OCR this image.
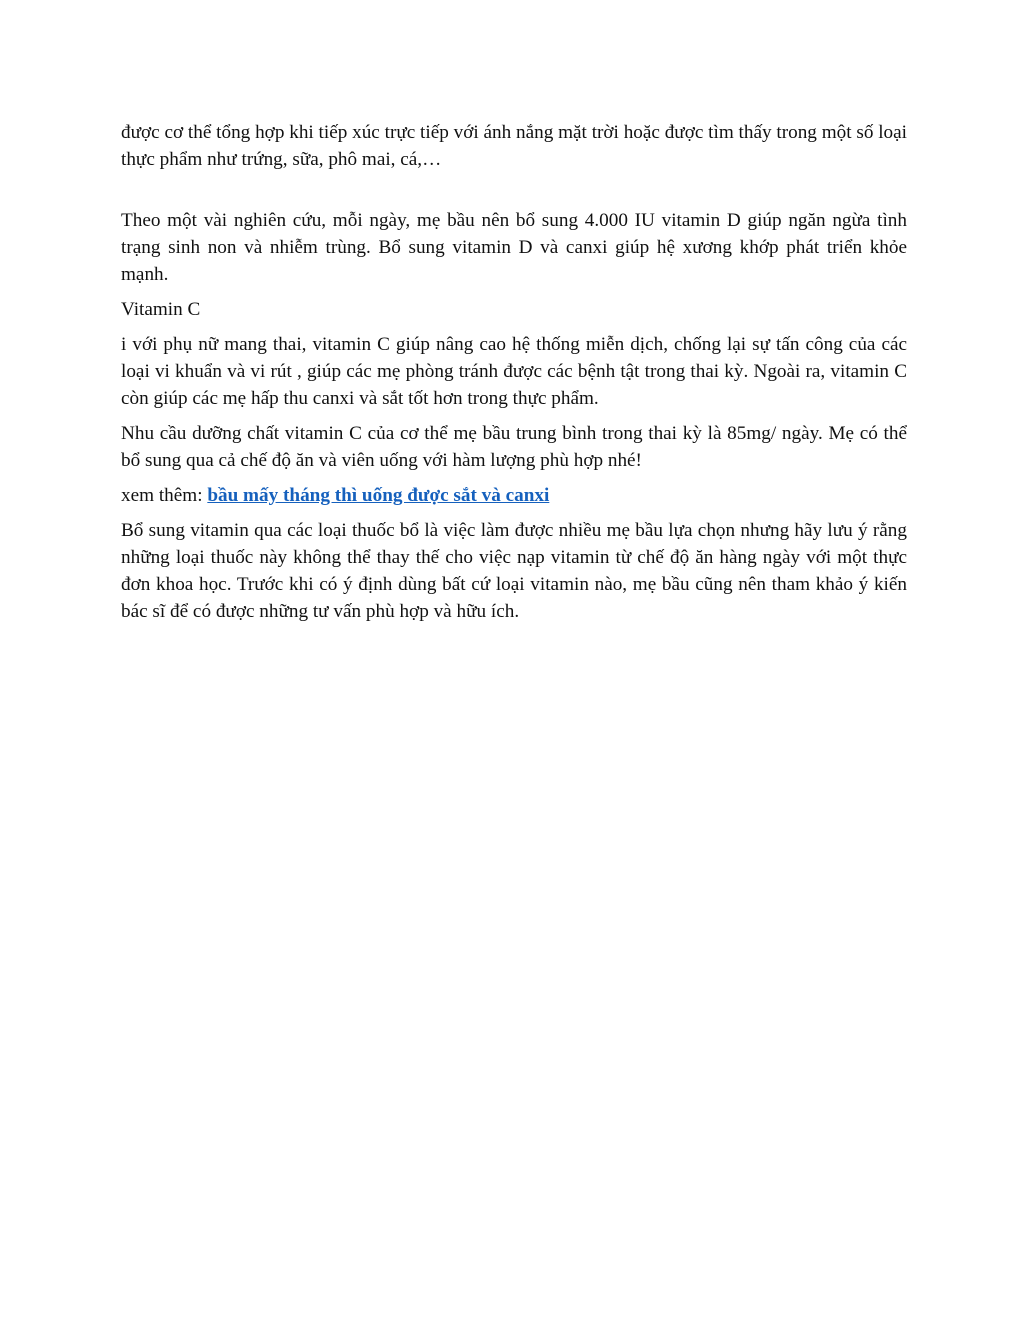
được cơ thể tổng hợp khi tiếp xúc trực tiếp với ánh nắng mặt trời hoặc được tìm thấy trong một số loại thực phẩm như trứng, sữa, phô mai, cá,…

Theo một vài nghiên cứu, mỗi ngày, mẹ bầu nên bổ sung 4.000 IU vitamin D giúp ngăn ngừa tình trạng sinh non và nhiễm trùng. Bổ sung vitamin D và canxi giúp hệ xương khớp phát triển khỏe mạnh.

Vitamin C

i với phụ nữ mang thai, vitamin C giúp nâng cao hệ thống miễn dịch, chống lại sự tấn công của các loại vi khuẩn và vi rút , giúp các mẹ phòng tránh được các bệnh tật trong thai kỳ. Ngoài ra, vitamin C còn giúp các mẹ hấp thu canxi và sắt tốt hơn trong thực phẩm.

Nhu cầu dưỡng chất vitamin C của cơ thể mẹ bầu trung bình trong thai kỳ là 85mg/ ngày. Mẹ có thể bổ sung qua cả chế độ ăn và viên uống với hàm lượng phù hợp nhé!

xem thêm: bầu mấy tháng thì uống được sắt và canxi

Bổ sung vitamin qua các loại thuốc bổ là việc làm được nhiều mẹ bầu lựa chọn nhưng hãy lưu ý rằng những loại thuốc này không thể thay thế cho việc nạp vitamin từ chế độ ăn hàng ngày với một thực đơn khoa học. Trước khi có ý định dùng bất cứ loại vitamin nào, mẹ bầu cũng nên tham khảo ý kiến bác sĩ để có được những tư vấn phù hợp và hữu ích.
